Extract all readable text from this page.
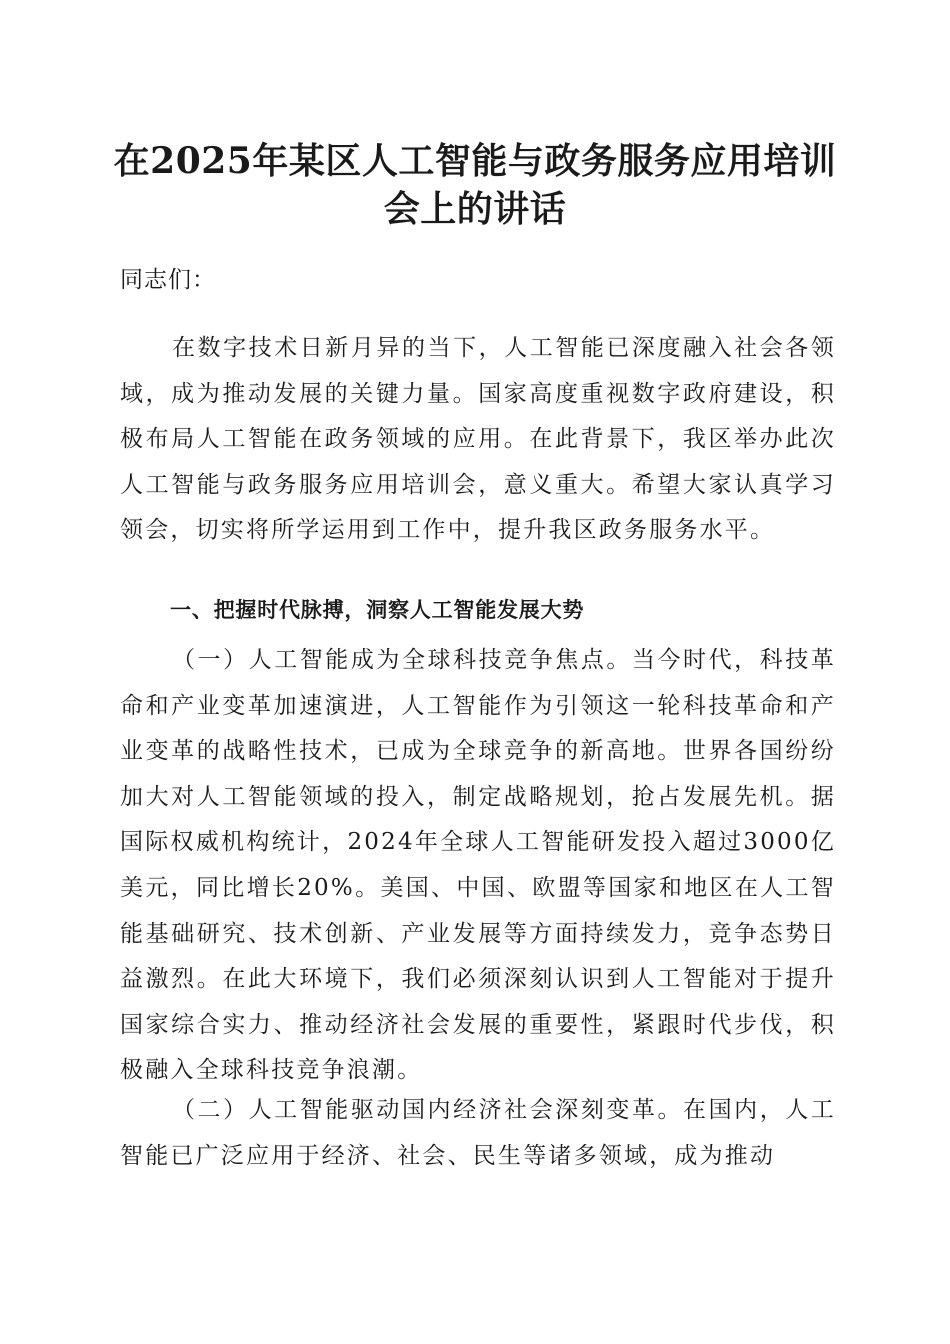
在2025年某区人工智能与政务服务应用培训
会上的讲话

同志们：

在数字技术日新月异的当下，人工智能已深度融入社会各领域，成为推动发展的关键力量。国家高度重视数字政府建设，积极布局人工智能在政务领域的应用。在此背景下，我区举办此次人工智能与政务服务应用培训会，意义重大。希望大家认真学习领会，切实将所学运用到工作中，提升我区政务服务水平。

一、把握时代脉搏，洞察人工智能发展大势

（一）人工智能成为全球科技竞争焦点。当今时代，科技革命和产业变革加速演进，人工智能作为引领这一轮科技革命和产业变革的战略性技术，已成为全球竞争的新高地。世界各国纷纷加大对人工智能领域的投入，制定战略规划，抢占发展先机。据国际权威机构统计，2024年全球人工智能研发投入超过3000亿美元，同比增长20%。美国、中国、欧盟等国家和地区在人工智能基础研究、技术创新、产业发展等方面持续发力，竞争态势日益激烈。在此大环境下，我们必须深刻认识到人工智能对于提升国家综合实力、推动经济社会发展的重要性，紧跟时代步伐，积极融入全球科技竞争浪潮。

（二）人工智能驱动国内经济社会深刻变革。在国内，人工智能已广泛应用于经济、社会、民生等诸多领域，成为推动
